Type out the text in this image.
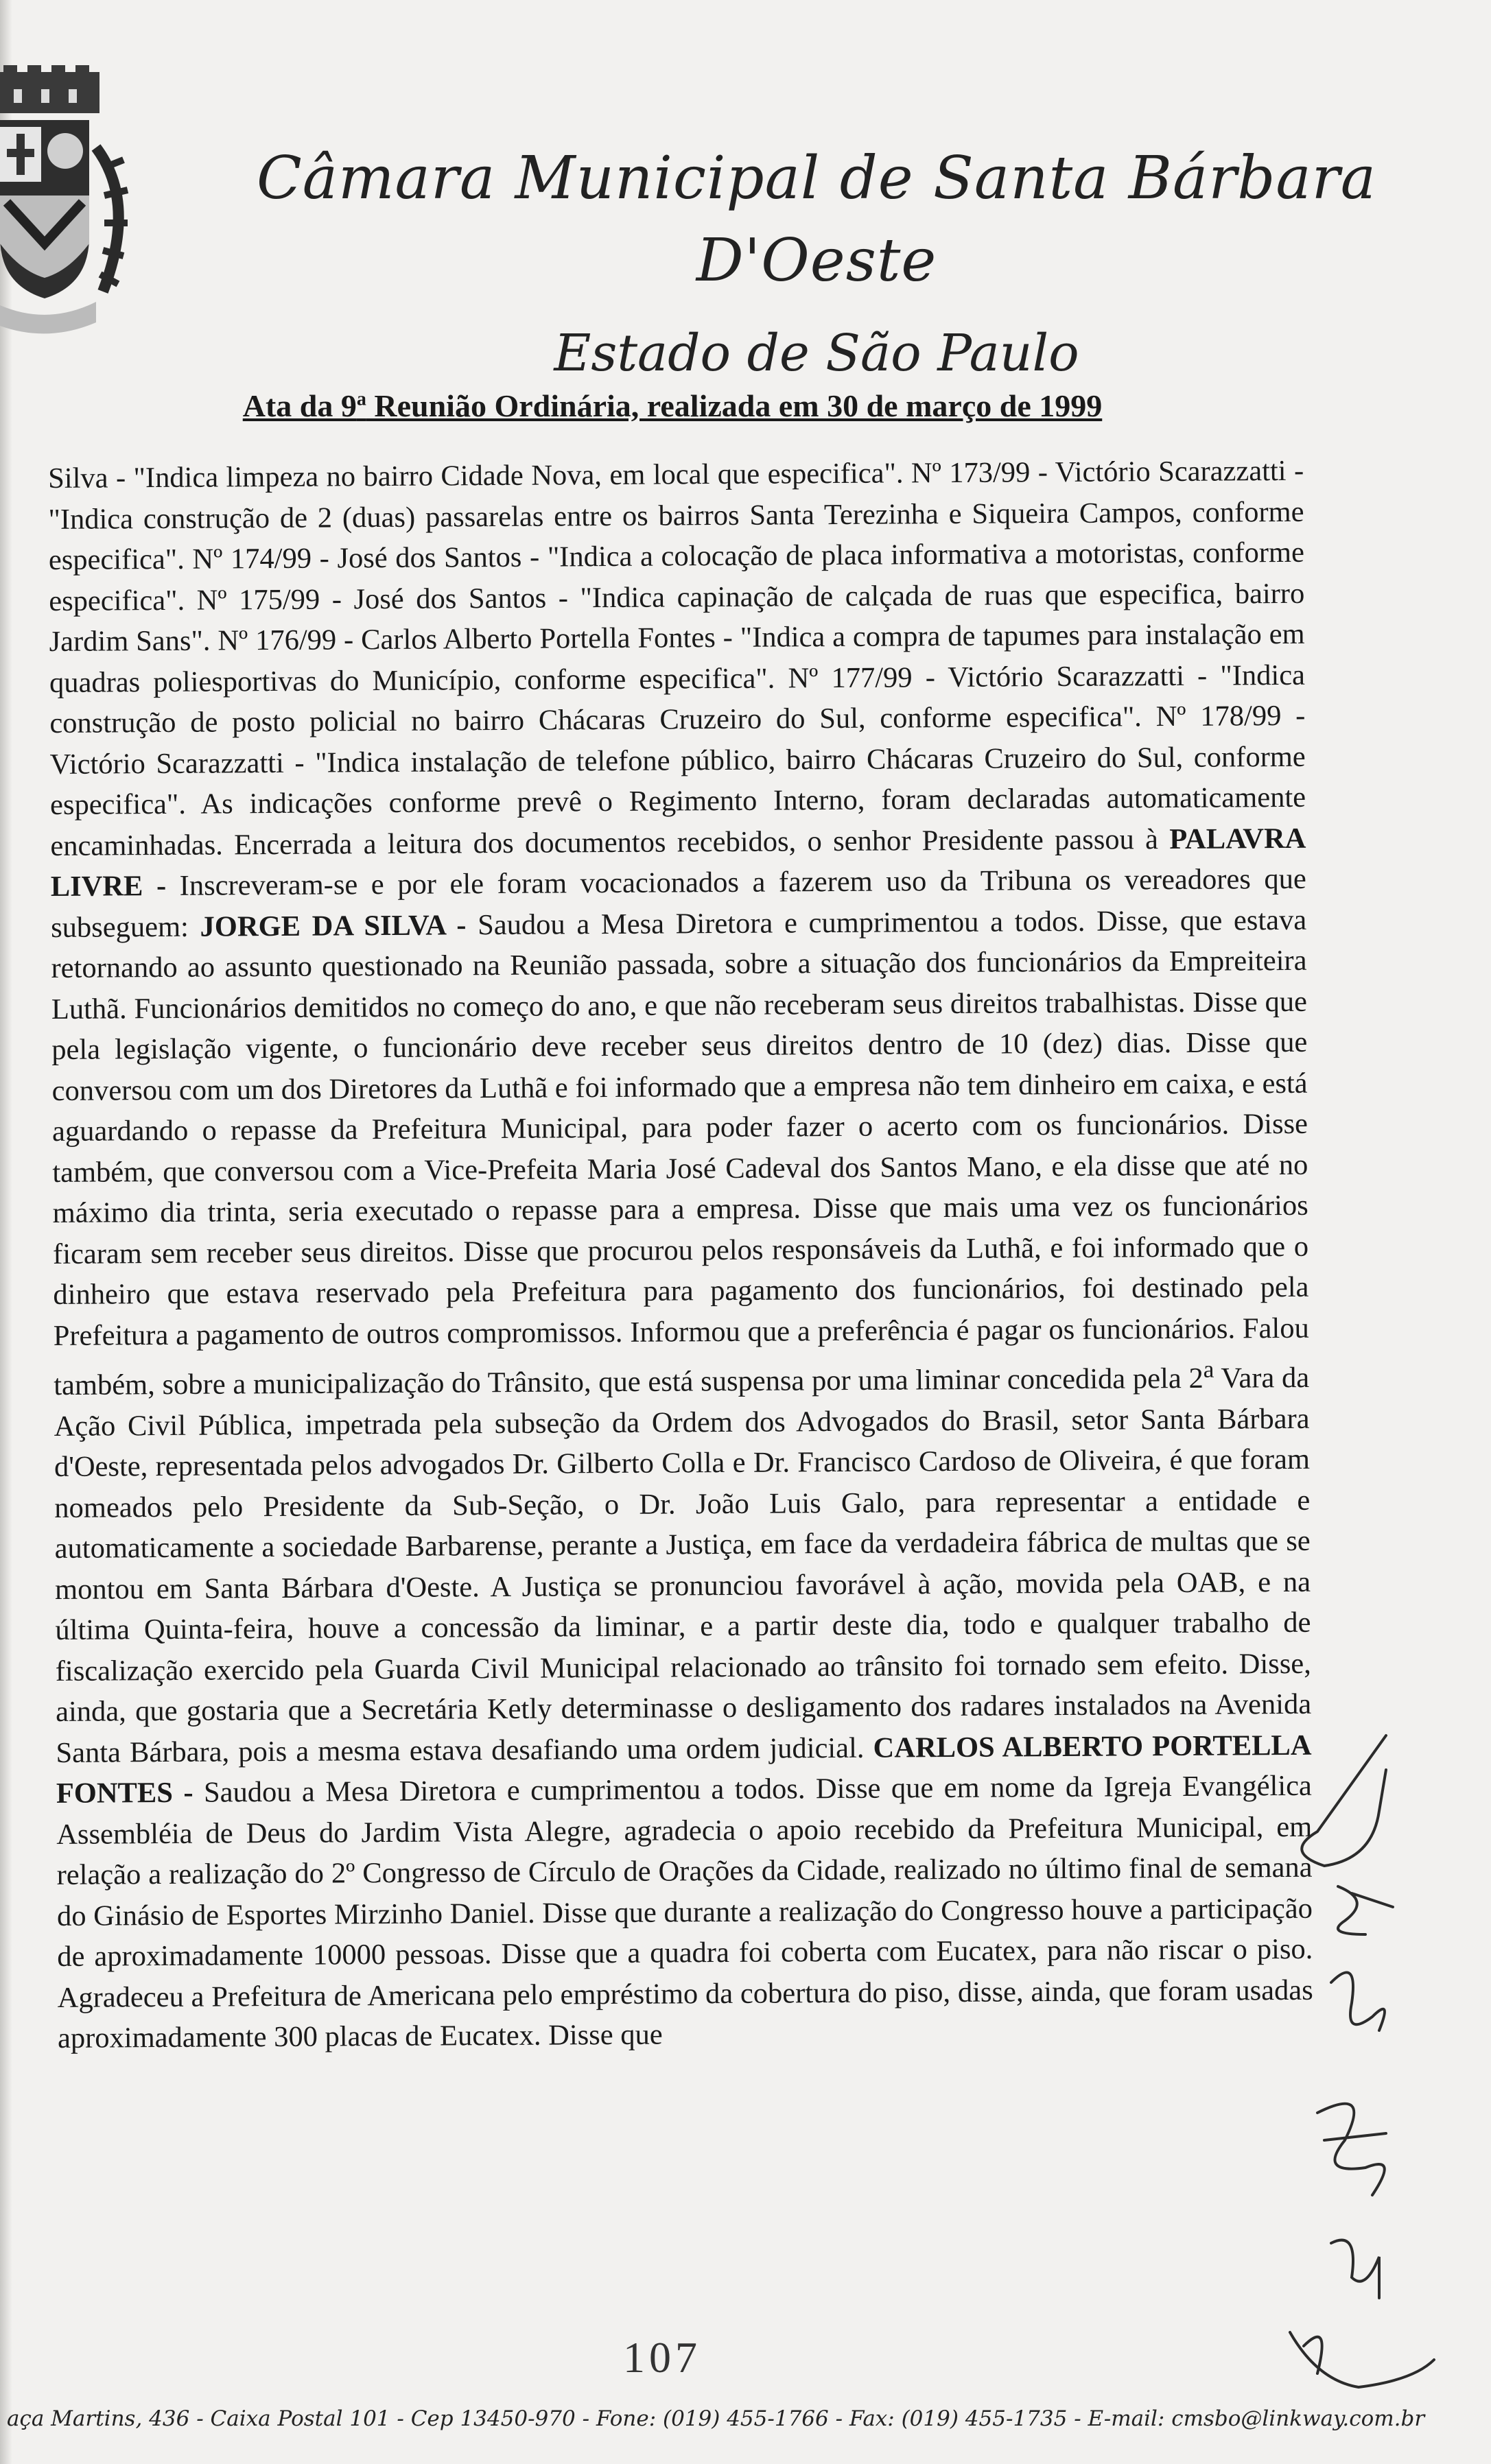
Câmara Municipal de Santa Bárbara D'Oeste
Estado de São Paulo
Ata da 9$^a$ Reunião Ordinária, realizada em 30 de março de 1999
Silva - "Indica limpeza no bairro Cidade Nova, em local que especifica". Nº 173/99 - Victório Scarazzatti - "Indica construção de 2 (duas) passarelas entre os bairros Santa Terezinha e Siqueira Campos, conforme especifica". Nº 174/99 - José dos Santos - "Indica a colocação de placa informativa a motoristas, conforme especifica". Nº 175/99 - José dos Santos - "Indica capinação de calçada de ruas que especifica, bairro Jardim Sans". Nº 176/99 - Carlos Alberto Portella Fontes - "Indica a compra de tapumes para instalação em quadras poliesportivas do Município, conforme especifica". Nº 177/99 - Victório Scarazzatti - "Indica construção de posto policial no bairro Chácaras Cruzeiro do Sul, conforme especifica". Nº 178/99 - Victório Scarazzatti - "Indica instalação de telefone público, bairro Chácaras Cruzeiro do Sul, conforme especifica". As indicações conforme prevê o Regimento Interno, foram declaradas automaticamente encaminhadas. Encerrada a leitura dos documentos recebidos, o senhor Presidente passou à PALAVRA LIVRE - Inscreveram-se e por ele foram vocacionados a fazerem uso da Tribuna os vereadores que subseguem: JORGE DA SILVA - Saudou a Mesa Diretora e cumprimentou a todos. Disse, que estava retornando ao assunto questionado na Reunião passada, sobre a situação dos funcionários da Empreiteira Luthã. Funcionários demitidos no começo do ano, e que não receberam seus direitos trabalhistas. Disse que pela legislação vigente, o funcionário deve receber seus direitos dentro de 10 (dez) dias. Disse que conversou com um dos Diretores da Luthã e foi informado que a empresa não tem dinheiro em caixa, e está aguardando o repasse da Prefeitura Municipal, para poder fazer o acerto com os funcionários. Disse também, que conversou com a Vice-Prefeita Maria José Cadeval dos Santos Mano, e ela disse que até no máximo dia trinta, seria executado o repasse para a empresa. Disse que mais uma vez os funcionários ficaram sem receber seus direitos. Disse que procurou pelos responsáveis da Luthã, e foi informado que o dinheiro que estava reservado pela Prefeitura para pagamento dos funcionários, foi destinado pela Prefeitura a pagamento de outros compromissos. Informou que a preferência é pagar os funcionários. Falou também, sobre a municipalização do Trânsito, que está suspensa por uma liminar concedida pela 2$^a$ Vara da Ação Civil Pública, impetrada pela subseção da Ordem dos Advogados do Brasil, setor Santa Bárbara d'Oeste, representada pelos advogados Dr. Gilberto Colla e Dr. Francisco Cardoso de Oliveira, é que foram nomeados pelo Presidente da Sub-Seção, o Dr. João Luis Galo, para representar a entidade e automaticamente a sociedade Barbarense, perante a Justiça, em face da verdadeira fábrica de multas que se montou em Santa Bárbara d'Oeste. A Justiça se pronunciou favorável à ação, movida pela OAB, e na última Quinta-feira, houve a concessão da liminar, e a partir deste dia, todo e qualquer trabalho de fiscalização exercido pela Guarda Civil Municipal relacionado ao trânsito foi tornado sem efeito. Disse, ainda, que gostaria que a Secretária Ketly determinasse o desligamento dos radares instalados na Avenida Santa Bárbara, pois a mesma estava desafiando uma ordem judicial. CARLOS ALBERTO PORTELLA FONTES - Saudou a Mesa Diretora e cumprimentou a todos. Disse que em nome da Igreja Evangélica Assembléia de Deus do Jardim Vista Alegre, agradecia o apoio recebido da Prefeitura Municipal, em relação a realização do 2º Congresso de Círculo de Orações da Cidade, realizado no último final de semana do Ginásio de Esportes Mirzinho Daniel. Disse que durante a realização do Congresso houve a participação de aproximadamente 10000 pessoas. Disse que a quadra foi coberta com Eucatex, para não riscar o piso. Agradeceu a Prefeitura de Americana pelo empréstimo da cobertura do piso, disse, ainda, que foram usadas aproximadamente 300 placas de Eucatex. Disse que
107
aça Martins, 436 - Caixa Postal 101 - Cep 13450-970 - Fone: (019) 455-1766 - Fax: (019) 455-1735 - E-mail: cmsbo@linkway.com.br
